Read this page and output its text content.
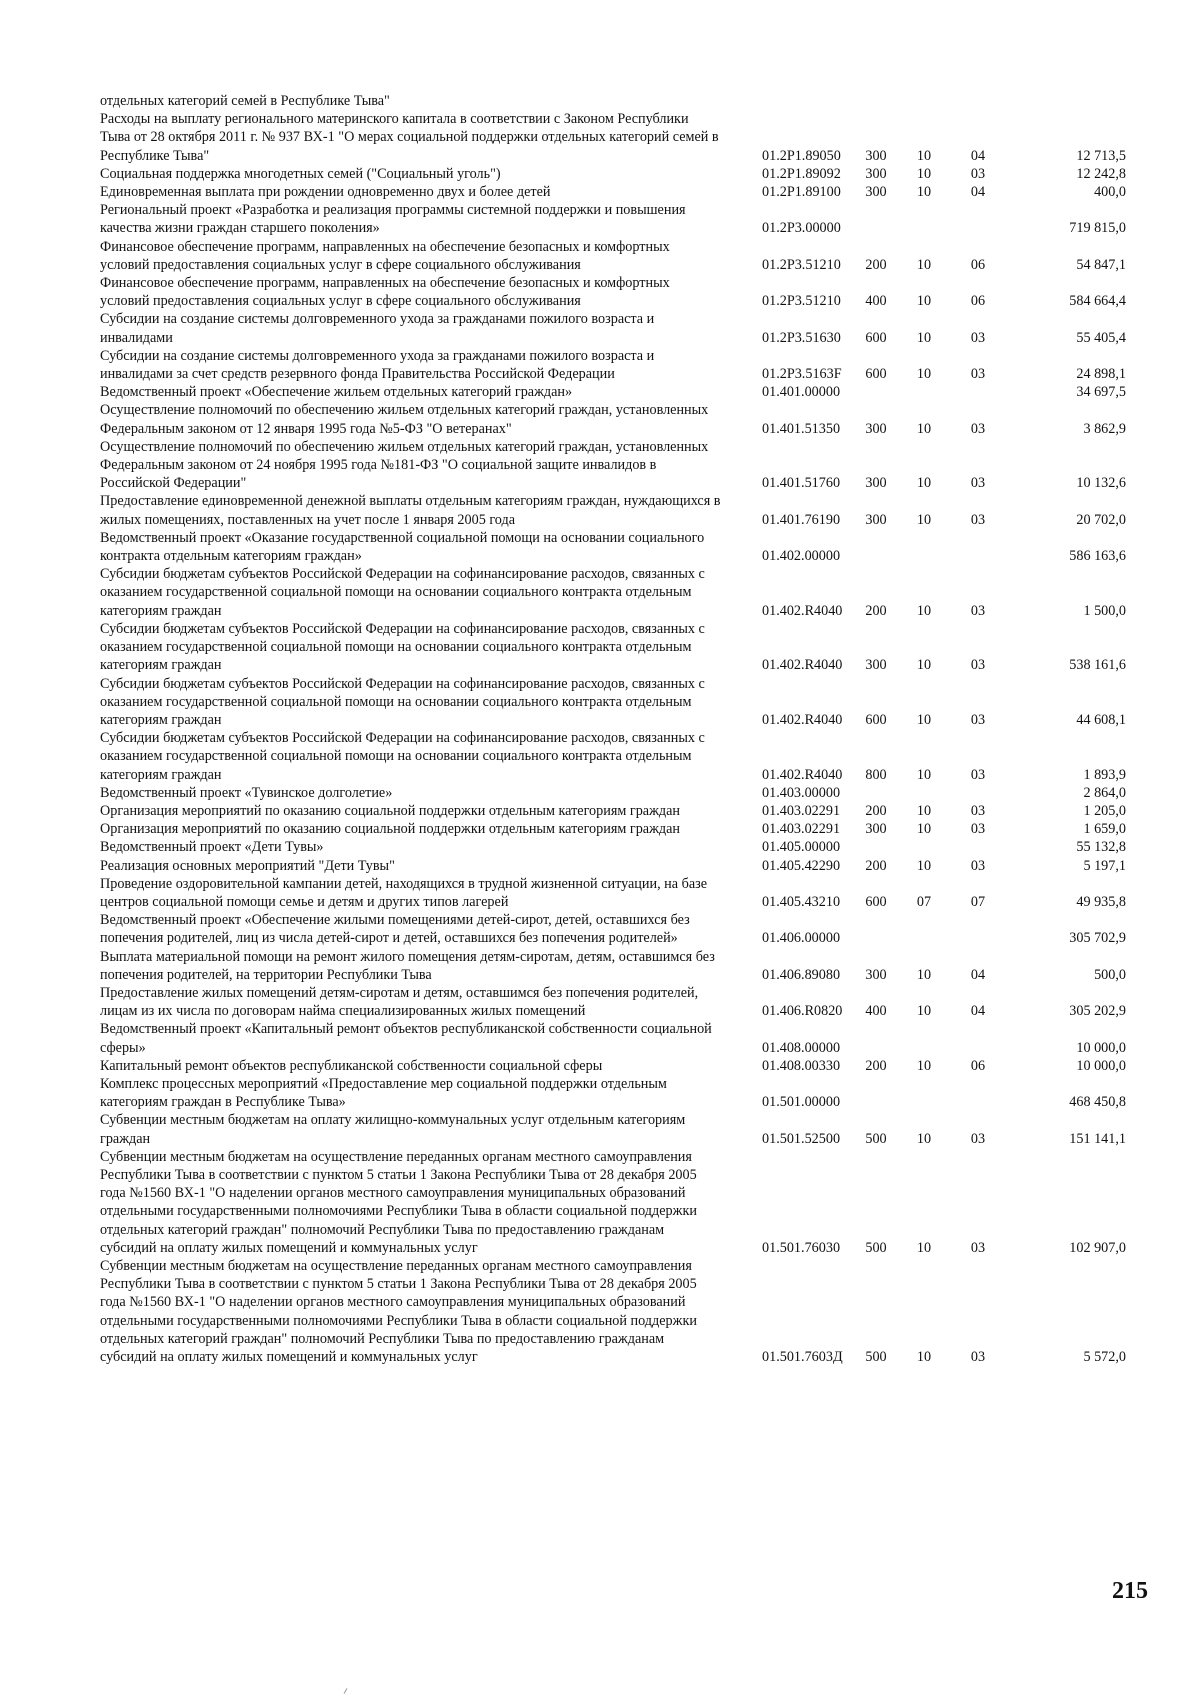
отдельных категорий семей в Республике Тыва"					
Расходы на выплату регионального материнского капитала в соответствии с Законом Республики Тыва от 28 октября 2011 г. № 937 ВХ-1 "О мерах социальной поддержки отдельных категорий семей в Республике Тыва"	01.2P1.89050	300	10	04	12 713,5
Социальная поддержка многодетных семей ("Социальный уголь")	01.2P1.89092	300	10	03	12 242,8
Единовременная выплата при рождении одновременно двух и более детей	01.2P1.89100	300	10	04	400,0
Региональный проект «Разработка и реализация программы системной поддержки и повышения качества жизни граждан старшего поколения»	01.2P3.00000				719 815,0
Финансовое обеспечение программ, направленных на обеспечение безопасных и комфортных условий предоставления социальных услуг в сфере социального обслуживания	01.2P3.51210	200	10	06	54 847,1
Финансовое обеспечение программ, направленных на обеспечение безопасных и комфортных условий предоставления социальных услуг в сфере социального обслуживания	01.2P3.51210	400	10	06	584 664,4
Субсидии на создание системы долговременного ухода за гражданами пожилого возраста и инвалидами	01.2P3.51630	600	10	03	55 405,4
Субсидии на создание системы долговременного ухода за гражданами пожилого возраста и инвалидами за счет средств резервного фонда Правительства Российской Федерации	01.2P3.5163F	600	10	03	24 898,1
Ведомственный проект «Обеспечение жильем отдельных категорий граждан»	01.401.00000				34 697,5
Осуществление полномочий по обеспечению жильем отдельных категорий граждан, установленных Федеральным законом от 12 января 1995 года №5-ФЗ "О ветеранах"	01.401.51350	300	10	03	3 862,9
Осуществление полномочий по обеспечению жильем отдельных категорий граждан, установленных Федеральным законом от 24 ноября 1995 года №181-ФЗ "О социальной защите инвалидов в Российской Федерации"	01.401.51760	300	10	03	10 132,6
Предоставление единовременной денежной выплаты отдельным категориям граждан, нуждающихся в жилых помещениях, поставленных на учет после 1 января 2005 года	01.401.76190	300	10	03	20 702,0
Ведомственный проект «Оказание государственной социальной помощи на основании социального контракта отдельным категориям граждан»	01.402.00000				586 163,6
Субсидии бюджетам субъектов Российской Федерации на софинансирование расходов, связанных с оказанием государственной социальной помощи на основании социального контракта отдельным категориям граждан	01.402.R4040	200	10	03	1 500,0
Субсидии бюджетам субъектов Российской Федерации на софинансирование расходов, связанных с оказанием государственной социальной помощи на основании социального контракта отдельным категориям граждан	01.402.R4040	300	10	03	538 161,6
Субсидии бюджетам субъектов Российской Федерации на софинансирование расходов, связанных с оказанием государственной социальной помощи на основании социального контракта отдельным категориям граждан	01.402.R4040	600	10	03	44 608,1
Субсидии бюджетам субъектов Российской Федерации на софинансирование расходов, связанных с оказанием государственной социальной помощи на основании социального контракта отдельным категориям граждан	01.402.R4040	800	10	03	1 893,9
Ведомственный проект «Тувинское долголетие»	01.403.00000				2 864,0
Организация мероприятий по оказанию социальной поддержки отдельным категориям граждан	01.403.02291	200	10	03	1 205,0
Организация мероприятий по оказанию социальной поддержки отдельным категориям граждан	01.403.02291	300	10	03	1 659,0
Ведомственный проект «Дети Тувы»	01.405.00000				55 132,8
Реализация основных мероприятий "Дети Тувы"	01.405.42290	200	10	03	5 197,1
Проведение оздоровительной кампании детей, находящихся в трудной жизненной ситуации, на базе центров социальной помощи семье и детям и других типов лагерей	01.405.43210	600	07	07	49 935,8
Ведомственный проект «Обеспечение жилыми помещениями детей-сирот, детей, оставшихся без попечения родителей, лиц из числа детей-сирот и детей, оставшихся без попечения родителей»	01.406.00000				305 702,9
Выплата материальной помощи на ремонт жилого помещения детям-сиротам, детям, оставшимся без попечения родителей, на территории Республики Тыва	01.406.89080	300	10	04	500,0
Предоставление жилых помещений детям-сиротам и детям, оставшимся без попечения родителей, лицам из их числа по договорам найма специализированных жилых помещений	01.406.R0820	400	10	04	305 202,9
Ведомственный проект «Капитальный ремонт объектов республиканской собственности социальной сферы»	01.408.00000				10 000,0
Капитальный ремонт объектов республиканской собственности социальной сферы	01.408.00330	200	10	06	10 000,0
Комплекс процессных мероприятий «Предоставление мер социальной поддержки отдельным категориям граждан в Республике Тыва»	01.501.00000				468 450,8
Субвенции местным бюджетам на оплату жилищно-коммунальных услуг отдельным категориям граждан	01.501.52500	500	10	03	151 141,1
Субвенции местным бюджетам на осуществление переданных органам местного самоуправления Республики Тыва в соответствии с пунктом 5 статьи 1 Закона Республики Тыва от 28 декабря 2005 года №1560 ВХ-1 "О наделении органов местного самоуправления муниципальных образований отдельными государственными полномочиями Республики Тыва в области социальной поддержки отдельных категорий граждан" полномочий Республики Тыва по предоставлению гражданам субсидий на оплату жилых помещений и коммунальных услуг	01.501.76030	500	10	03	102 907,0
Субвенции местным бюджетам на осуществление переданных органам местного самоуправления Республики Тыва в соответствии с пунктом 5 статьи 1 Закона Республики Тыва от 28 декабря 2005 года №1560 ВХ-1 "О наделении органов местного самоуправления муниципальных образований отдельными государственными полномочиями Республики Тыва в области социальной поддержки отдельных категорий граждан" полномочий Республики Тыва по предоставлению гражданам субсидий на оплату жилых помещений и коммунальных услуг	01.501.7603Д	500	10	03	5 572,0
215
